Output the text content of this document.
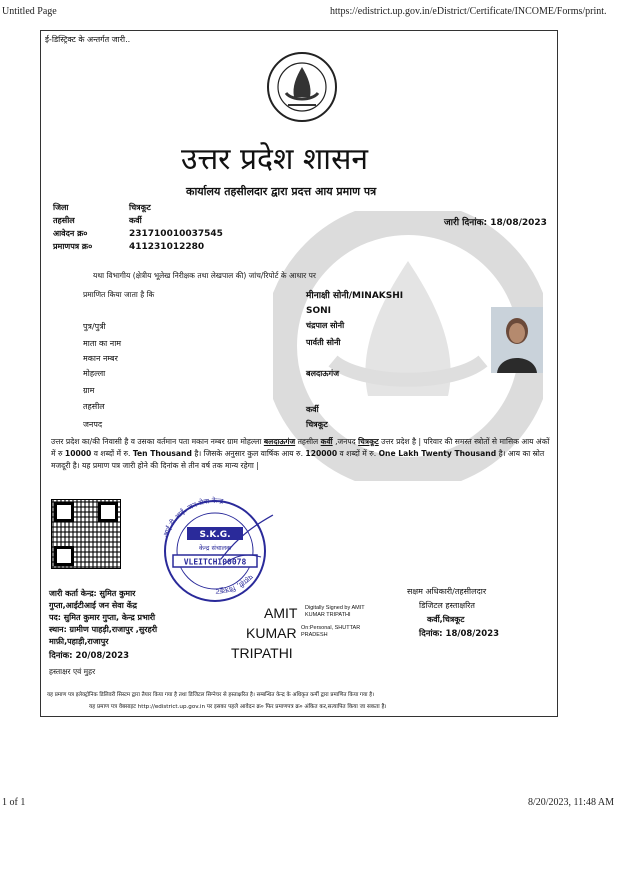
Untitled Page	https://edistrict.up.gov.in/eDistrict/Certificate/INCOME/Forms/print.
ई-डिस्ट्रिक्ट के अन्तर्गत जारी..
उत्तर प्रदेश शासन
कार्यालय तहसीलदार द्वारा प्रदत्त आय प्रमाण पत्र
जिला	चित्रकूट
तहसील	कर्वी
आवेदन क्र०	231710010037545
प्रमाणपत्र क्र०	411231012280
जारी दिनांक: 18/08/2023
यथा विभागीय (क्षेत्रीय भूलेख निरीक्षक तथा लेखपाल की) जांच/रिपोर्ट के आधार पर
प्रमाणित किया जाता है कि	मीनाक्षी सोनी/MINAKSHI
SONI
पुत्र/पुत्री	चंद्रपाल सोनी
माता का नाम	पार्वती सोनी
मकान नम्बर
मोहल्ला	बलदाऊगंज
ग्राम
तहसील	कर्वी
जनपद	चित्रकूट
उत्तर प्रदेश का/की निवासी है व उसका वर्तमान पता मकान नम्बर ग्राम मोहल्ला बलदाऊगंज तहसील कर्वी ,जनपद चित्रकूट उत्तर प्रदेश है | परिवार की समस्त स्त्रोतों से मासिक आय अंकों में रु 10000 व शब्दों में रु. Ten Thousand है। जिसके अनुसार कुल वार्षिक आय रु. 120000 व शब्दों में रु. One Lakh Twenty Thousand है। आय का स्रोत मजदूरी है। यह प्रमाण पत्र जारी होने की दिनांक से तीन वर्ष तक मान्य रहेगा |
आई.टी.आई. जन सेवा केन्द्र
पहाड़ी, चित्रकूट
S.K.G.
केन्द्र संचालक
VLEITCHI00078
जारी कर्ता केन्द्र: सुमित कुमार
गुप्ता,आईटीआई जन सेवा केंद्र
पद: सुमित कुमार गुप्ता, केन्द्र प्रभारी
स्थान: ग्रामीण पाहड़ी,राजापुर ,सुरहरी
माफ़ी,पहाड़ी,राजापुर
दिनांक: 20/08/2023
हस्ताक्षर एवं मुहर
AMIT
KUMAR
TRIPATHI
Digitally Signed by AMIT
KUMAR TRIPATHI
On:Personal, SHUTTAR
PRADESH
सक्षम अधिकारी/तहसीलदार
डिजिटल हस्ताक्षरित
कर्वी,चित्रकूट
दिनांक: 18/08/2023
यह प्रमाण पत्र इलेक्ट्रोनिक डिलिवरी सिस्टम द्वारा तैयार किया गया है तथा डिजिटल सिग्नेचर से हस्ताक्षरित है। सम्बन्धित केन्द्र के अधिकृत कर्मी द्वारा प्रमाणित किया गया है।
यह प्रमाण पत्र वेबसाइट http://edistrict.up.gov.in पर इसका पहले आवेदन क्र० फिर प्रमाणपत्र क्र० अंकित कर,सत्यापित किया जा सकता है।
1 of 1	8/20/2023, 11:48 AM
